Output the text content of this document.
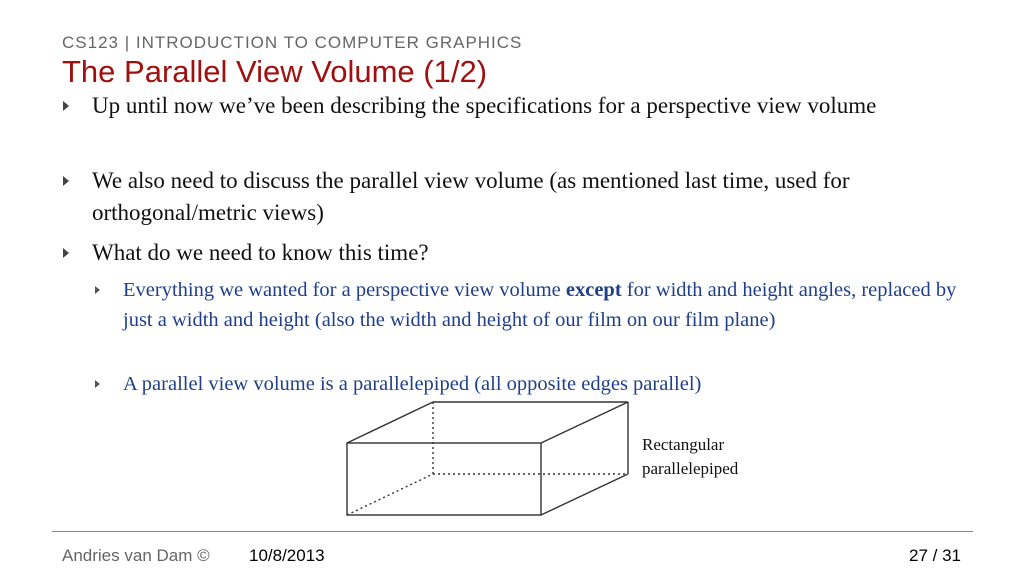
CS123 | INTRODUCTION TO COMPUTER GRAPHICS
The Parallel View Volume (1/2)
Up until now we’ve been describing the specifications for a perspective view volume
We also need to discuss the parallel view volume (as mentioned last time, used for orthogonal/metric views)
What do we need to know this time?
Everything we wanted for a perspective view volume except for width and height angles, replaced by just a width and height (also the width and height of our film on our film plane)
A parallel view volume is a parallelepiped (all opposite edges parallel)
Rectangular
parallelepiped
Andries van Dam © 10/8/2013	27 / 31
